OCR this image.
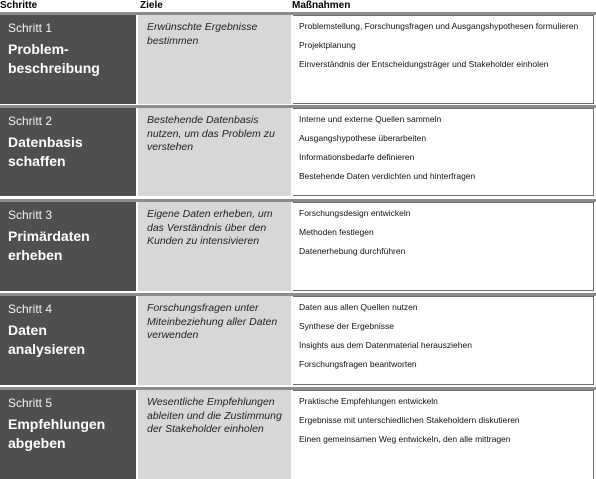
Schritte	Ziele	Maßnahmen
Schritt 1
Problem-
beschreibung
Erwünschte Ergebnisse bestimmen
Problemstellung, Forschungsfragen und Ausgangshypothesen formulieren
Projektplanung
Einverständnis der Entscheidungsträger und Stakeholder einholen
Schritt 2
Datenbasis
schaffen
Bestehende Datenbasis nutzen, um das Problem zu verstehen
Interne und externe Quellen sammeln
Ausgangshypothese überarbeiten
Informationsbedarfe definieren
Bestehende Daten verdichten und hinterfragen
Schritt 3
Primärdaten
erheben
Eigene Daten erheben, um das Verständnis über den Kunden zu intensivieren
Forschungsdesign entwickeln
Methoden festlegen
Datenerhebung durchführen
Schritt 4
Daten
analysieren
Forschungsfragen unter Miteinbeziehung aller Daten verwenden
Daten aus allen Quellen nutzen
Synthese der Ergebnisse
Insights aus dem Datenmaterial herausziehen
Forschungsfragen beantworten
Schritt 5
Empfehlungen
abgeben
Wesentliche Empfehlungen ableiten und die Zustimmung der Stakeholder einholen
Praktische Empfehlungen entwickeln
Ergebnisse mit unterschiedlichen Stakeholdern diskutieren
Einen gemeinsamen Weg entwickeln, den alle mittragen
